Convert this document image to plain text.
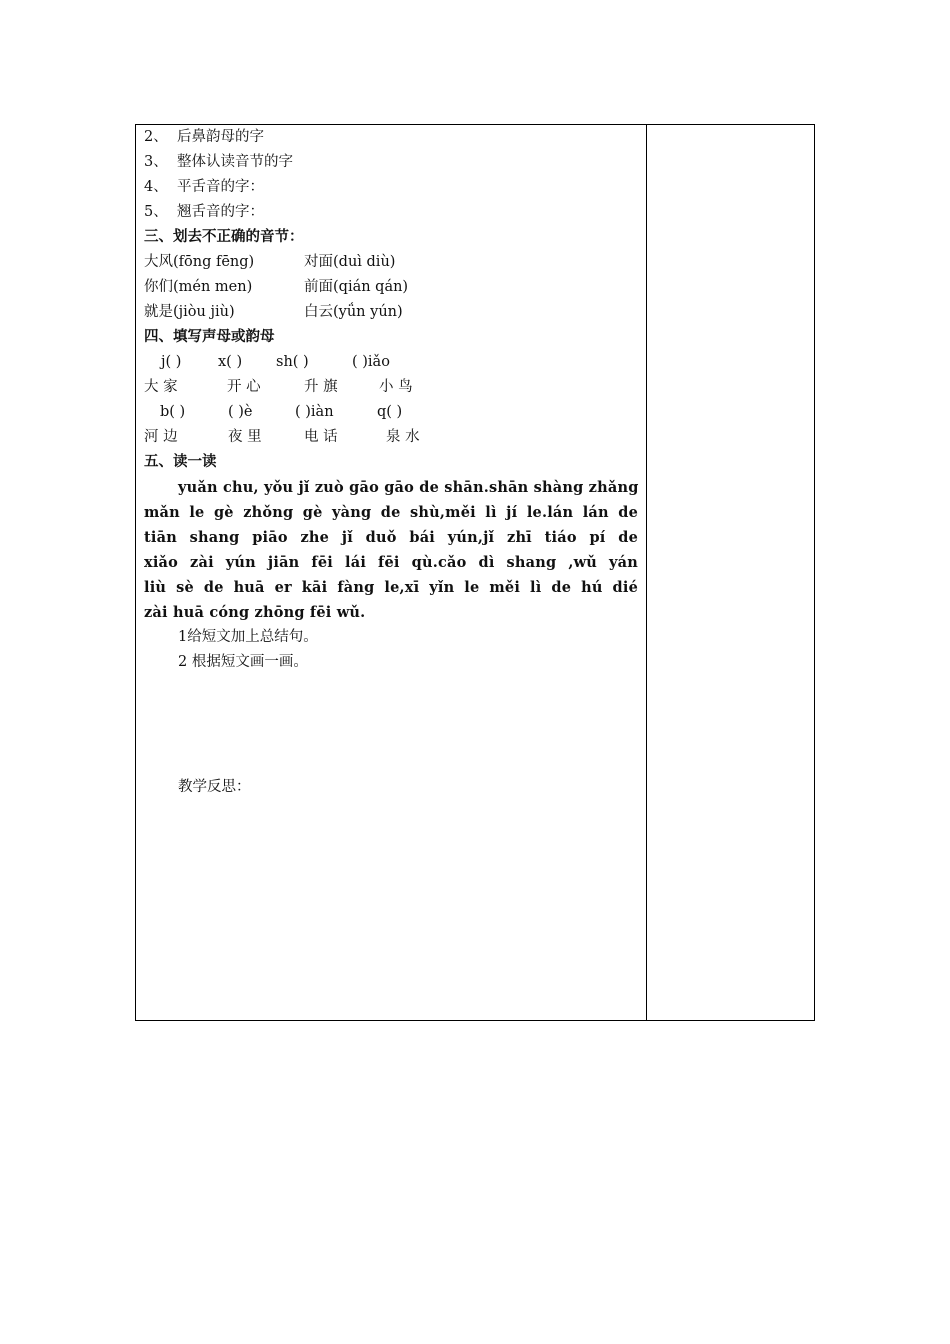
2、 后鼻韵母的字
3、 整体认读音节的字
4、 平舌音的字：
5、 翘舌音的字：
三、划去不正确的音节：
大风(fōng fēng)	对面(duì diù)
你们(mén men)	前面(qián qán)
就是(jiòu jiù)	白云(yǘn yún)
四、填写声母或韵母
j( )	x( ) sh( )	( )iǎo
大 家	开 心	升 旗	小 鸟
b( )	( )è	( )iàn	q( )
河 边	夜 里	电 话	泉 水
五、读一读
yuǎn chu, yǒu jǐ zuò gāo gāo de shān.shān shàng zhǎng
mǎn le gè zhǒng gè yàng de shù,měi lì jí le.lán lán de
tiān shang piāo zhe jǐ duǒ bái yún,jǐ zhī tiáo pí de
xiǎo zài yún jiān fēi lái fēi qù.cǎo dì shang ,wǔ yán
liù sè de huā er kāi fàng le,xī yǐn le měi lì de hú dié
zài huā cóng zhōng fēi wǔ.
1给短文加上总结句。
2 根据短文画一画。
教学反思：
